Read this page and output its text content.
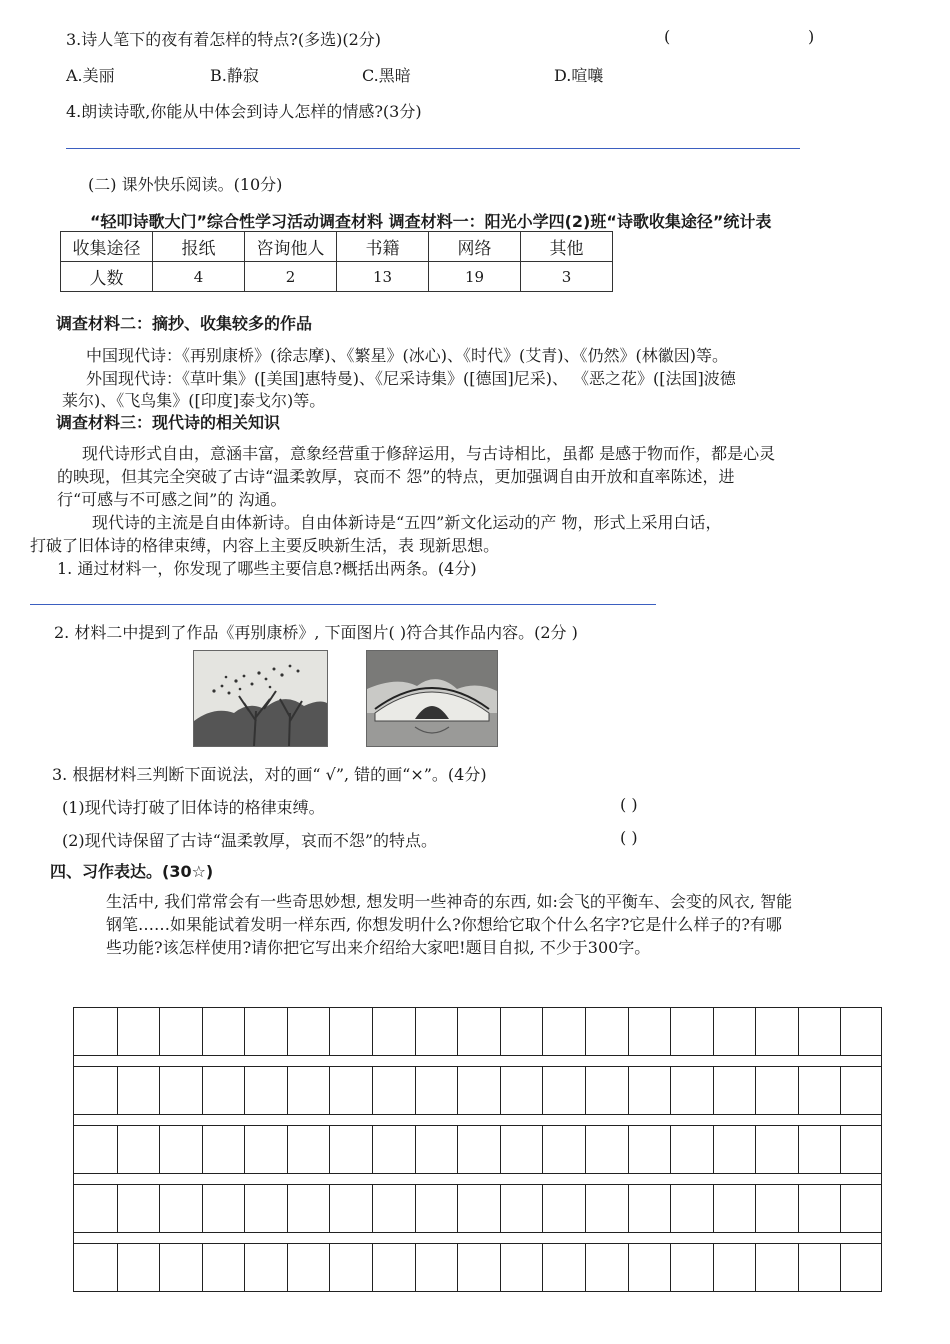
3.诗人笔下的夜有着怎样的特点?(多选)(2分)	(	)
A.美丽	B.静寂	C.黑暗	D.喧嚷
4.朗读诗歌,你能从中体会到诗人怎样的情感?(3分)
(二) 课外快乐阅读。(10分)
“轻叩诗歌大门”综合性学习活动调查材料 调查材料一：阳光小学四(2)班“诗歌收集途径”统计表
收集途径	报纸	咨询他人	书籍	网络	其他
人数	4	2	13	19	3
调查材料二：摘抄、收集较多的作品
中国现代诗：《再别康桥》(徐志摩)、《繁星》(冰心)、《时代》(艾青)、《仍然》(林徽因)等。
外国现代诗：《草叶集》([美国]惠特曼)、《尼采诗集》([德国]尼采)、 《恶之花》([法国]波德
莱尔)、《飞鸟集》([印度]泰戈尔)等。
调查材料三：现代诗的相关知识
现代诗形式自由，意涵丰富，意象经营重于修辞运用，与古诗相比，虽都 是感于物而作，都是心灵
的映现，但其完全突破了古诗“温柔敦厚，哀而不 怨”的特点，更加强调自由开放和直率陈述，进
行“可感与不可感之间”的 沟通。
现代诗的主流是自由体新诗。自由体新诗是“五四”新文化运动的产 物，形式上采用白话，
打破了旧体诗的格律束缚，内容上主要反映新生活，表 现新思想。
1. 通过材料一，你发现了哪些主要信息?概括出两条。(4分)
2. 材料二中提到了作品《再别康桥》, 下面图片( )符合其作品内容。(2分 )
3. 根据材料三判断下面说法，对的画“ √”, 错的画“×”。(4分)
(1)现代诗打破了旧体诗的格律束缚。	( )
(2)现代诗保留了古诗“温柔敦厚，哀而不怨”的特点。	( )
四、习作表达。(30☆)
生活中, 我们常常会有一些奇思妙想, 想发明一些神奇的东西, 如:会飞的平衡车、会变的风衣, 智能
钢笔……如果能试着发明一样东西, 你想发明什么?你想给它取个什么名字?它是什么样子的?有哪
些功能?该怎样使用?请你把它写出来介绍给大家吧!题目自拟, 不少于300字。
